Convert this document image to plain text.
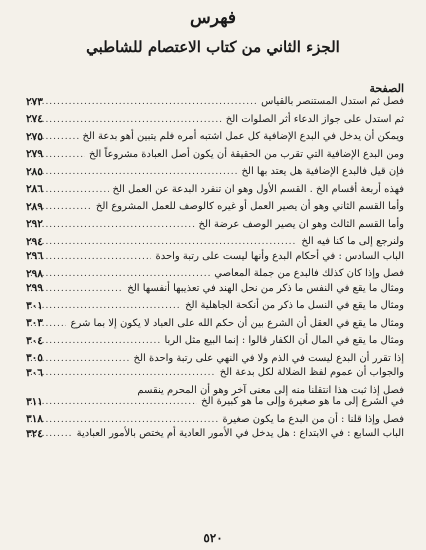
فهرس
الجزء الثاني من كتاب الاعتصام للشاطبي
الصفحة
فصل ثم استدل المستنصر بالقياس
.....
٢٧٣
ثم استدل على جواز الدعاء أثر الصلوات الخ
.....
٢٧٤
ويمكن أن يدخل في البدع الإضافية كل عمل اشتبه أمره فلم يتبين أهو بدعة الخ
.....
٢٧٥
ومن البدع الإضافية التي تقرب من الحقيقة أن يكون أصل العبادة مشروعاً الخ
.....
٢٧٩
فإن قيل فالبدع الإضافية هل يعتد بها الخ
.....
٢٨٥
فهذه أربعة أقسام الخ . القسم الأول وهو ان تنفرد البدعة عن العمل الخ
.....
٢٨٦
وأما القسم الثاني وهو أن يصير العمل أو غيره كالوصف للعمل المشروع الخ
.....
٢٨٩
وأما القسم الثالث وهو ان يصير الوصف عرضة الخ
.....
٢٩٢
ولنرجع إلى ما كنا فيه الخ
.....
٢٩٤
الباب السادس : في أحكام البدع وأنها ليست على رتبة واحدة
.....
٢٩٦
فصل وإذا كان كذلك فالبدع من جملة المعاصي
.....
٢٩٨
ومثال ما يقع في النفس ما ذكر من نحل الهند في تعذيبها أنفسها الخ
.....
٢٩٩
ومثال ما يقع في النسل ما ذكر من أنكحة الجاهلية الخ
.....
٣٠١
ومثال ما يقع في العقل أن الشرع بين أن حكم الله على العباد لا يكون إلا بما شرع
.....
٣٠٣
ومثال ما يقع في المال أن الكفار قالوا : إنما البيع مثل الربا
.....
٣٠٤
إذا تقرر أن البدع ليست في الذم ولا في النهي على رتبة واحدة الخ
.....
٣٠٥
والجواب أن عموم لفظ الضلالة لكل بدعة الخ
.....
٣٠٦
فصل إذا ثبت هذا انتقلنا منه إلى معنى آخر وهو أن المحرم ينقسم
في الشرع إلى ما هو صغيرة وإلى ما هو كبيرة الخ
.....
٣١١
فصل وإذا قلنا : أن من البدع ما يكون صغيرة
.....
٣١٨
الباب السابع : في الابتداع : هل يدخل في الأمور العادية أم يختص بالأمور العبادية
.....
٣٢٤
٥٢٠
